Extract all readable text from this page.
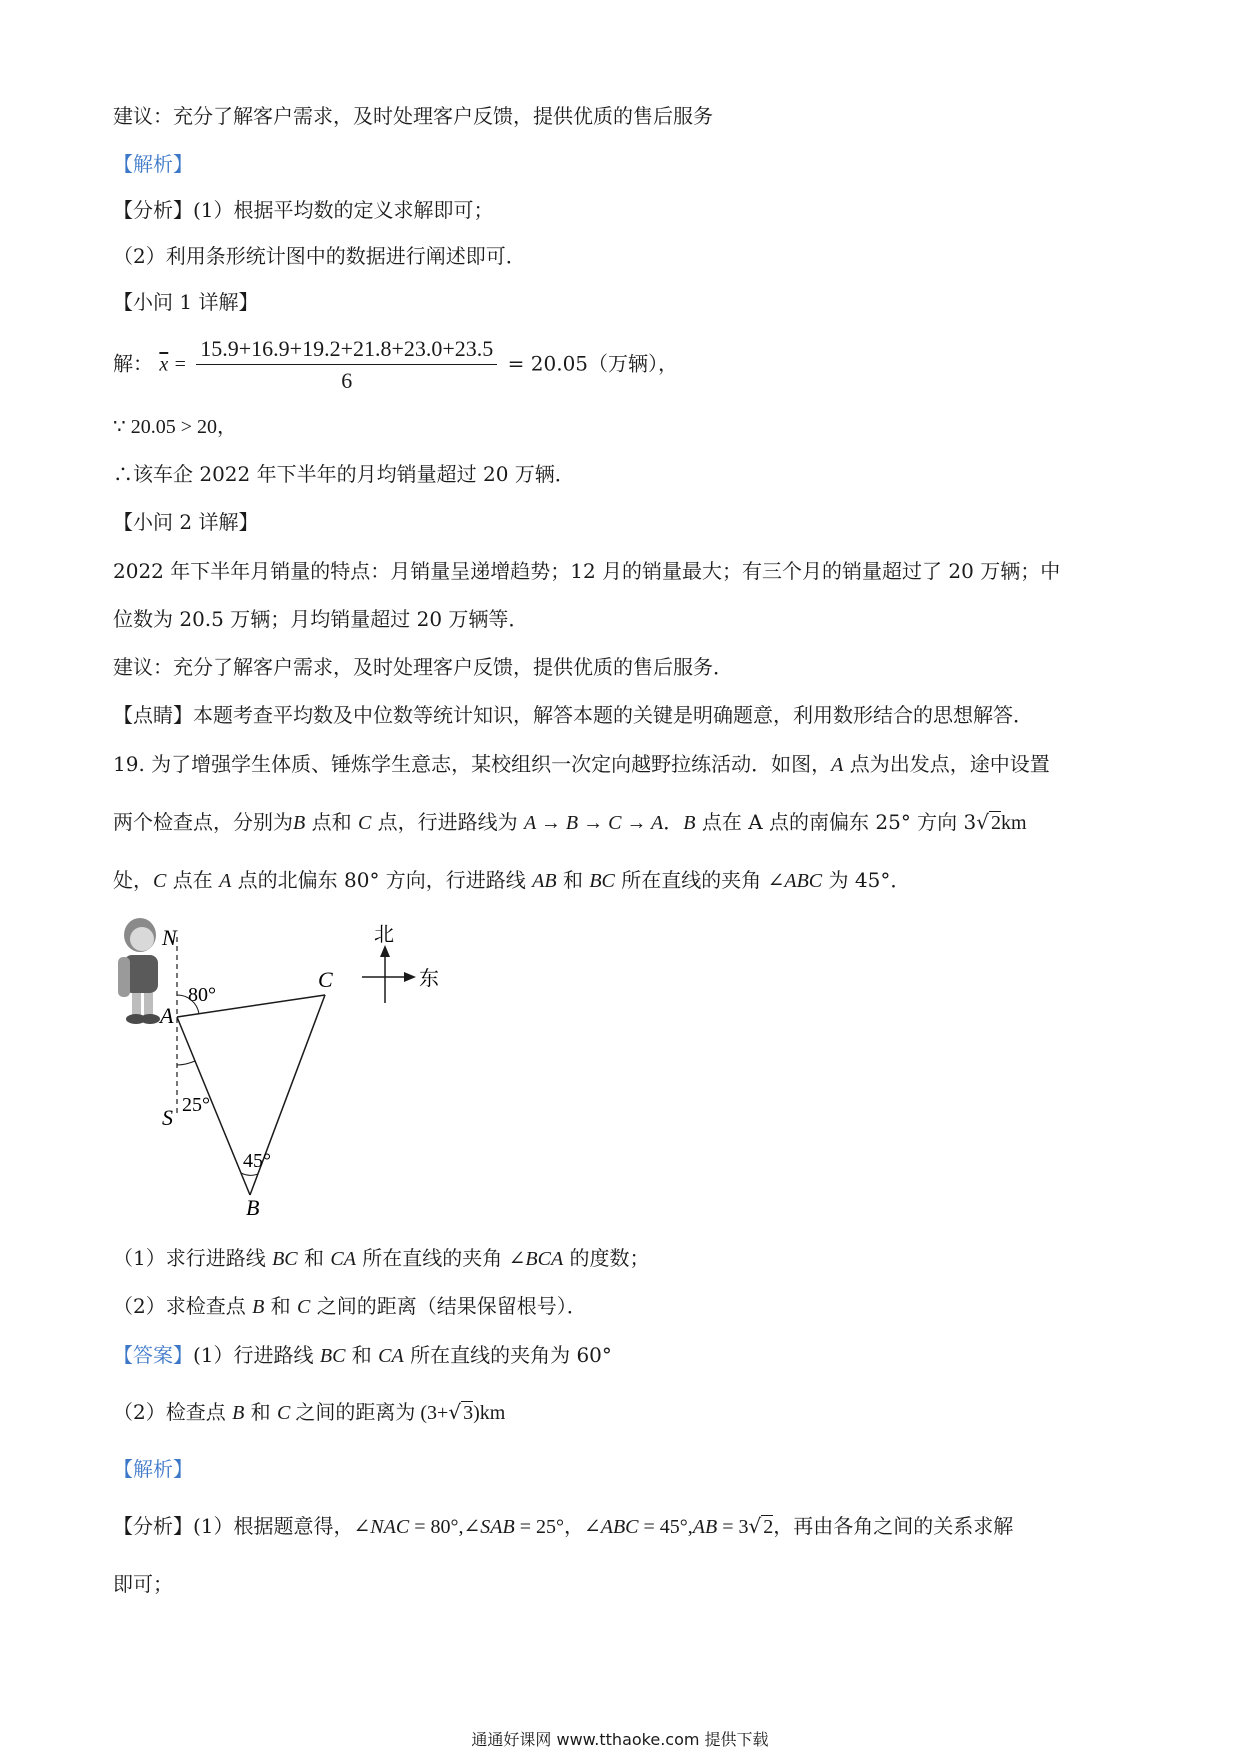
建议：充分了解客户需求，及时处理客户反馈，提供优质的售后服务
【解析】
【分析】(1）根据平均数的定义求解即可；
（2）利用条形统计图中的数据进行阐述即可．
【小问 1 详解】
解： $\overline{x} = \frac{15.9+16.9+19.2+21.8+23.0+23.5}{6} = 20.05$（万辆），
∵ 20.05 > 20，
∴该车企 2022 年下半年的月均销量超过 20 万辆．
【小问 2 详解】
2022 年下半年月销量的特点：月销量呈递增趋势；12 月的销量最大；有三个月的销量超过了 20 万辆；中
位数为 20.5 万辆；月均销量超过 20 万辆等．
建议：充分了解客户需求，及时处理客户反馈，提供优质的售后服务．
【点睛】本题考查平均数及中位数等统计知识，解答本题的关键是明确题意，利用数形结合的思想解答．
19. 为了增强学生体质、锤炼学生意志，某校组织一次定向越野拉练活动．如图，A 点为出发点，途中设置
两个检查点，分别为B 点和 C 点，行进路线为 A → B → C → A．B 点在 A 点的南偏东 25° 方向 3√ 2km
处，C 点在 A 点的北偏东 80° 方向，行进路线 AB 和 BC 所在直线的夹角 ∠ABC 为 45°．
N
S
A
B
C
80°
25°
45°
北
东
（1）求行进路线 BC 和 CA 所在直线的夹角 ∠BCA 的度数；
（2）求检查点 B 和 C 之间的距离（结果保留根号）．
【答案】(1）行进路线 BC 和 CA 所在直线的夹角为 60°
（2）检查点 B 和 C 之间的距离为 (3+√ 3)km
【解析】
【分析】(1）根据题意得，∠NAC = 80°,∠SAB = 25°，∠ABC = 45°,AB = 3√ 2，再由各角之间的关系求解
即可；
通通好课网 www.tthaoke.com 提供下载
